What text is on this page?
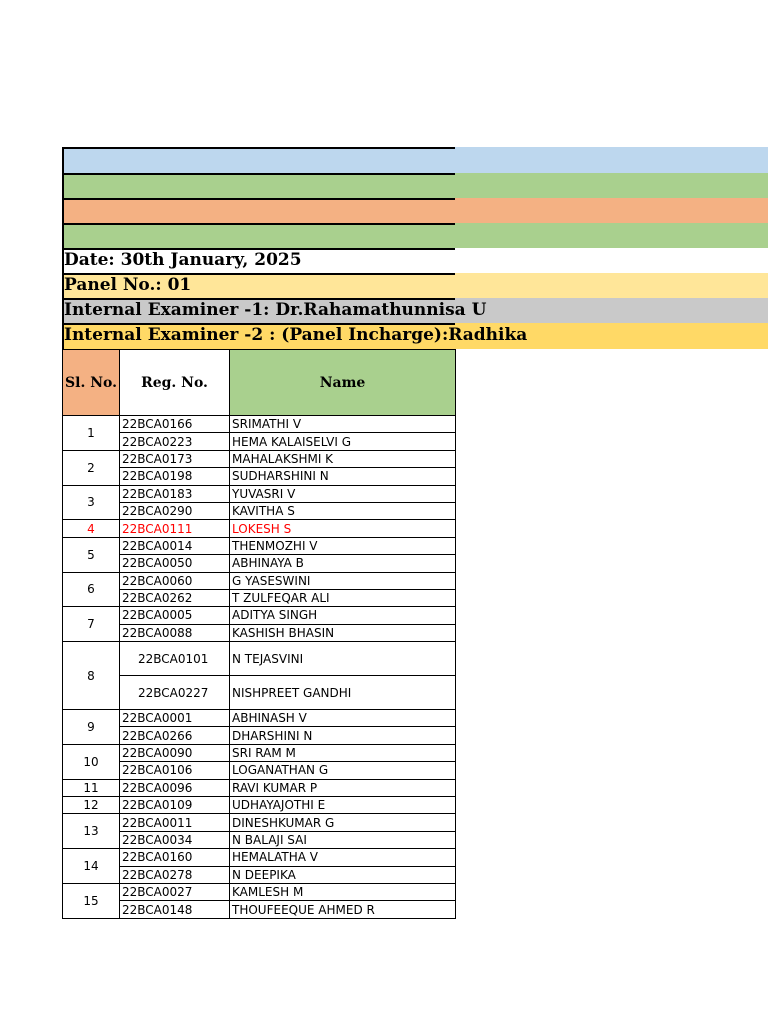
Date: 30th January, 2025
Panel No.: 01
Internal Examiner -1: Dr.Rahamathunnisa U
Internal Examiner -2 : (Panel Incharge):Radhika
Sl. No.	Reg. No.	Name
1	22BCA0166	SRIMATHI V
	22BCA0223	HEMA KALAISELVI G
2	22BCA0173	MAHALAKSHMI K
	22BCA0198	SUDHARSHINI N
3	22BCA0183	YUVASRI V
	22BCA0290	KAVITHA S
4	22BCA0111	LOKESH S
5	22BCA0014	THENMOZHI V
	22BCA0050	ABHINAYA B
6	22BCA0060	G YASESWINI
	22BCA0262	T ZULFEQAR ALI
7	22BCA0005	ADITYA SINGH
	22BCA0088	KASHISH BHASIN
8	22BCA0101	N TEJASVINI
	22BCA0227	NISHPREET GANDHI
9	22BCA0001	ABHINASH V
	22BCA0266	DHARSHINI N
10	22BCA0090	SRI RAM M
	22BCA0106	LOGANATHAN G
11	22BCA0096	RAVI KUMAR P
12	22BCA0109	UDHAYAJOTHI E
13	22BCA0011	DINESHKUMAR G
	22BCA0034	N BALAJI SAI
14	22BCA0160	HEMALATHA V
	22BCA0278	N DEEPIKA
15	22BCA0027	KAMLESH M
	22BCA0148	THOUFEEQUE AHMED R
